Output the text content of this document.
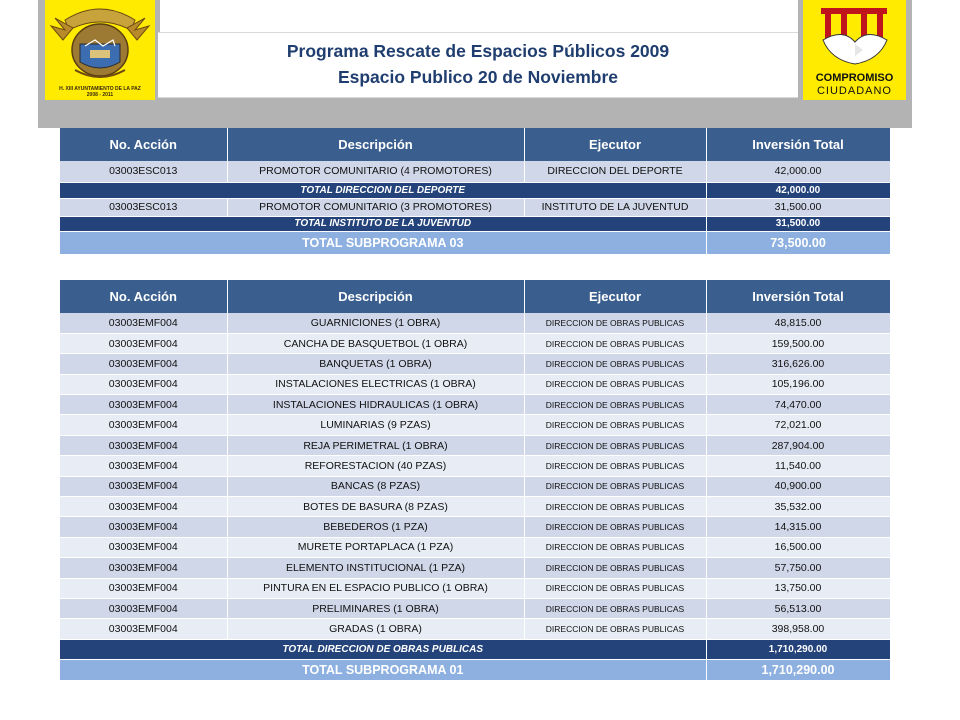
H. XIII AYUNTAMIENTO DE LA PAZ
2008 - 2011
Programa Rescate de Espacios Públicos 2009
Espacio Publico 20 de Noviembre	COMPROMISO
CIUDADANO
No. Acción	Descripción	Ejecutor	Inversión Total
03003ESC013	PROMOTOR COMUNITARIO (4 PROMOTORES)	DIRECCION DEL DEPORTE	42,000.00
TOTAL DIRECCION DEL DEPORTE			42,000.00
03003ESC013	PROMOTOR COMUNITARIO (3 PROMOTORES)	INSTITUTO DE LA JUVENTUD	31,500.00
TOTAL INSTITUTO DE LA JUVENTUD			31,500.00
TOTAL SUBPROGRAMA 03			73,500.00
No. Acción	Descripción	Ejecutor	Inversión Total
03003EMF004	GUARNICIONES (1 OBRA)	DIRECCION DE OBRAS PUBLICAS	48,815.00
03003EMF004	CANCHA DE BASQUETBOL (1 OBRA)	DIRECCION DE OBRAS PUBLICAS	159,500.00
03003EMF004	BANQUETAS (1 OBRA)	DIRECCION DE OBRAS PUBLICAS	316,626.00
03003EMF004	INSTALACIONES ELECTRICAS (1 OBRA)	DIRECCION DE OBRAS PUBLICAS	105,196.00
03003EMF004	INSTALACIONES HIDRAULICAS (1 OBRA)	DIRECCION DE OBRAS PUBLICAS	74,470.00
03003EMF004	LUMINARIAS (9 PZAS)	DIRECCION DE OBRAS PUBLICAS	72,021.00
03003EMF004	REJA PERIMETRAL (1 OBRA)	DIRECCION DE OBRAS PUBLICAS	287,904.00
03003EMF004	REFORESTACION (40 PZAS)	DIRECCION DE OBRAS PUBLICAS	11,540.00
03003EMF004	BANCAS (8 PZAS)	DIRECCION DE OBRAS PUBLICAS	40,900.00
03003EMF004	BOTES DE BASURA (8 PZAS)	DIRECCION DE OBRAS PUBLICAS	35,532.00
03003EMF004	BEBEDEROS (1 PZA)	DIRECCION DE OBRAS PUBLICAS	14,315.00
03003EMF004	MURETE PORTAPLACA (1 PZA)	DIRECCION DE OBRAS PUBLICAS	16,500.00
03003EMF004	ELEMENTO INSTITUCIONAL (1 PZA)	DIRECCION DE OBRAS PUBLICAS	57,750.00
03003EMF004	PINTURA EN EL ESPACIO PUBLICO (1 OBRA)	DIRECCION DE OBRAS PUBLICAS	13,750.00
03003EMF004	PRELIMINARES (1 OBRA)	DIRECCION DE OBRAS PUBLICAS	56,513.00
03003EMF004	GRADAS (1 OBRA)	DIRECCION DE OBRAS PUBLICAS	398,958.00
TOTAL DIRECCION DE OBRAS PUBLICAS			1,710,290.00
TOTAL SUBPROGRAMA 01			1,710,290.00
